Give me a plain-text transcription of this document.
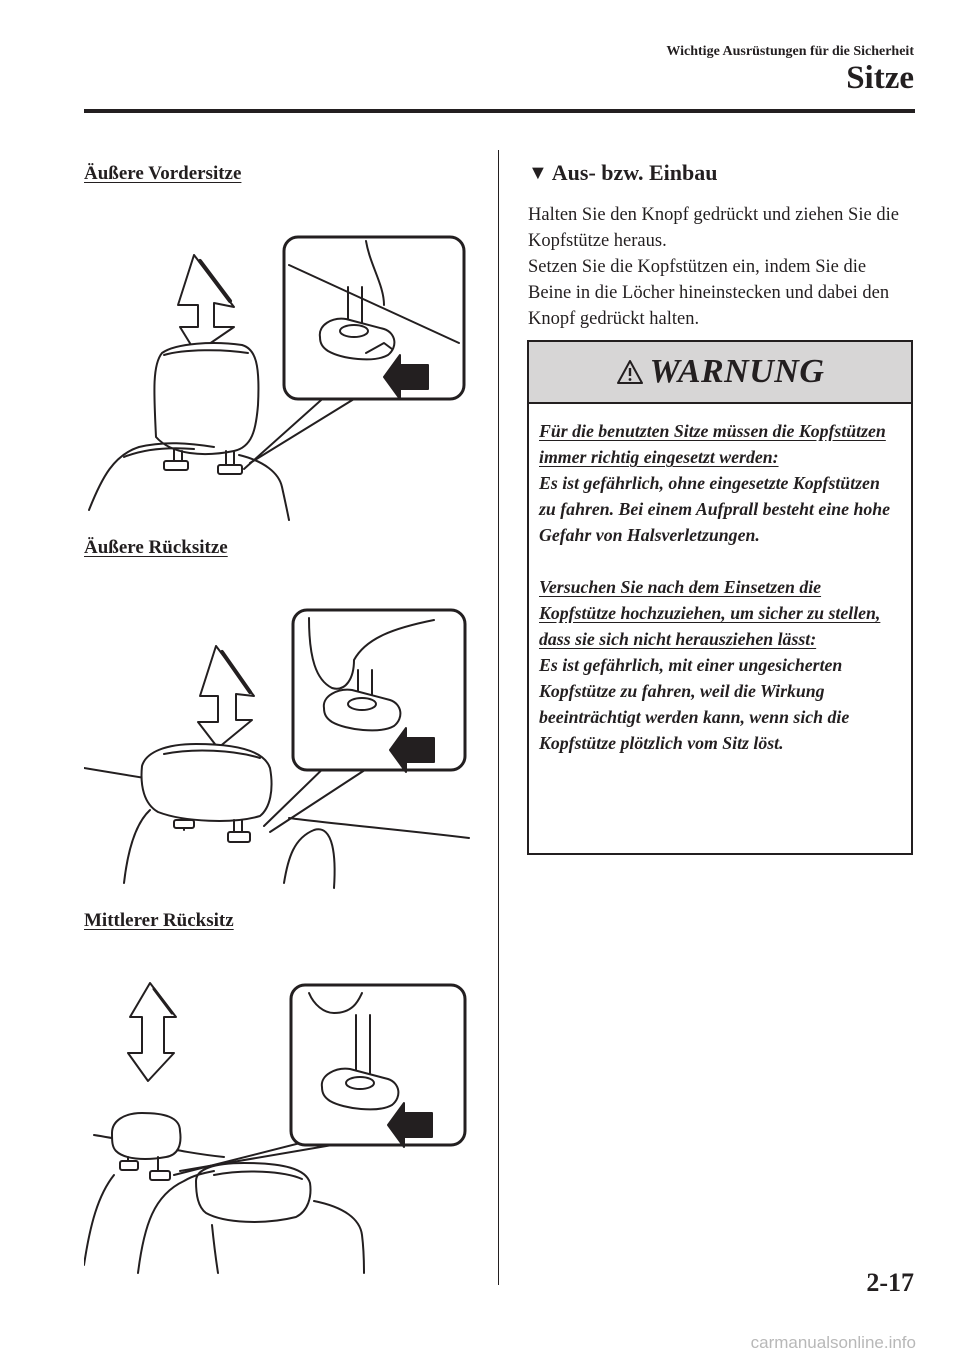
Wichtige Ausrüstungen für die Sicherheit
Sitze
Äußere Vordersitze
Äußere Rücksitze
Mittlerer Rücksitz
▼ Aus- bzw. Einbau

Halten Sie den Knopf gedrückt und ziehen Sie die Kopfstütze heraus.

Setzen Sie die Kopfstützen ein, indem Sie die Beine in die Löcher hineinstecken und dabei den Knopf gedrückt halten.

WARNUNG

Für die benutzten Sitze müssen die Kopfstützen immer richtig eingesetzt werden:

Es ist gefährlich, ohne eingesetzte Kopfstützen zu fahren. Bei einem Aufprall besteht eine hohe Gefahr von Halsverletzungen.

Versuchen Sie nach dem Einsetzen die Kopfstütze hochzuziehen, um sicher zu stellen, dass sie sich nicht herausziehen lässt:

Es ist gefährlich, mit einer ungesicherten Kopfstütze zu fahren, weil die Wirkung beeinträchtigt werden kann, wenn sich die Kopfstütze plötzlich vom Sitz löst.

2-17
carmanualsonline.info
